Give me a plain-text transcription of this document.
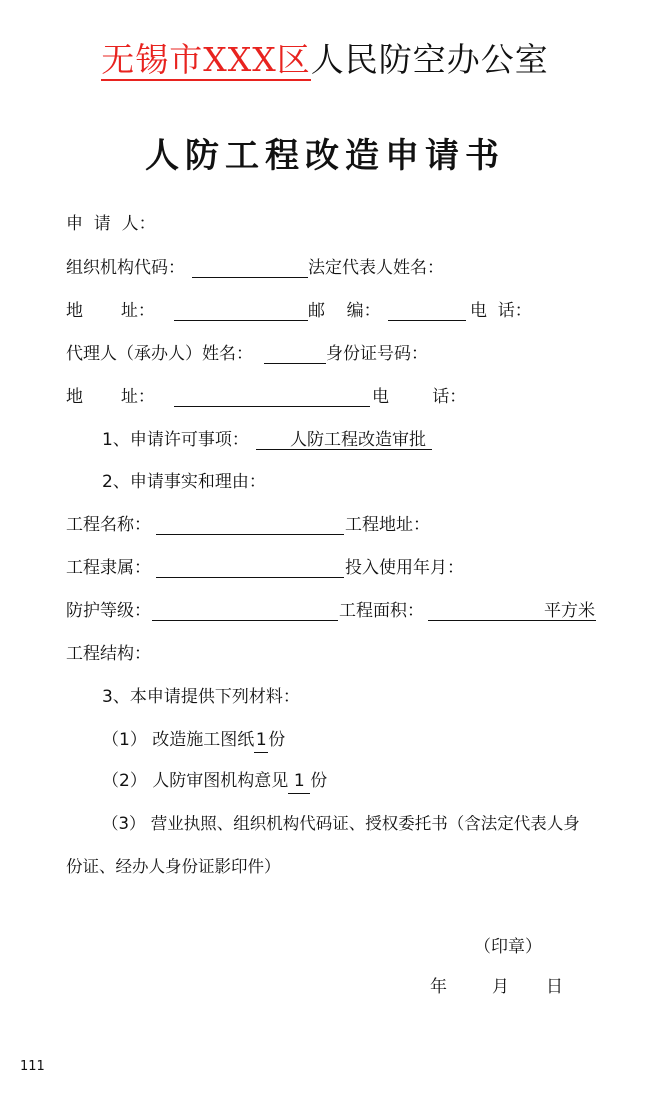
无锡市XXX区人民防空办公室
人防工程改造申请书
申  请  人：
组织机构代码：	法定代表人姓名：
地       址：	邮    编：	电  话：
代理人（承办人）姓名：	身份证号码：
地       址：	电        话：
1、申请许可事项： 人防工程改造审批
2、申请事实和理由：
工程名称：	工程地址：
工程隶属：	投入使用年月：
防护等级：	工程面积：	平方米
工程结构：
3、本申请提供下列材料：
（1） 改造施工图纸1份
（2） 人防审图机构意见 1 份
（3） 营业执照、组织机构代码证、授权委托书（含法定代表人身
份证、经办人身份证影印件）
（印章）
年	月 日
111
